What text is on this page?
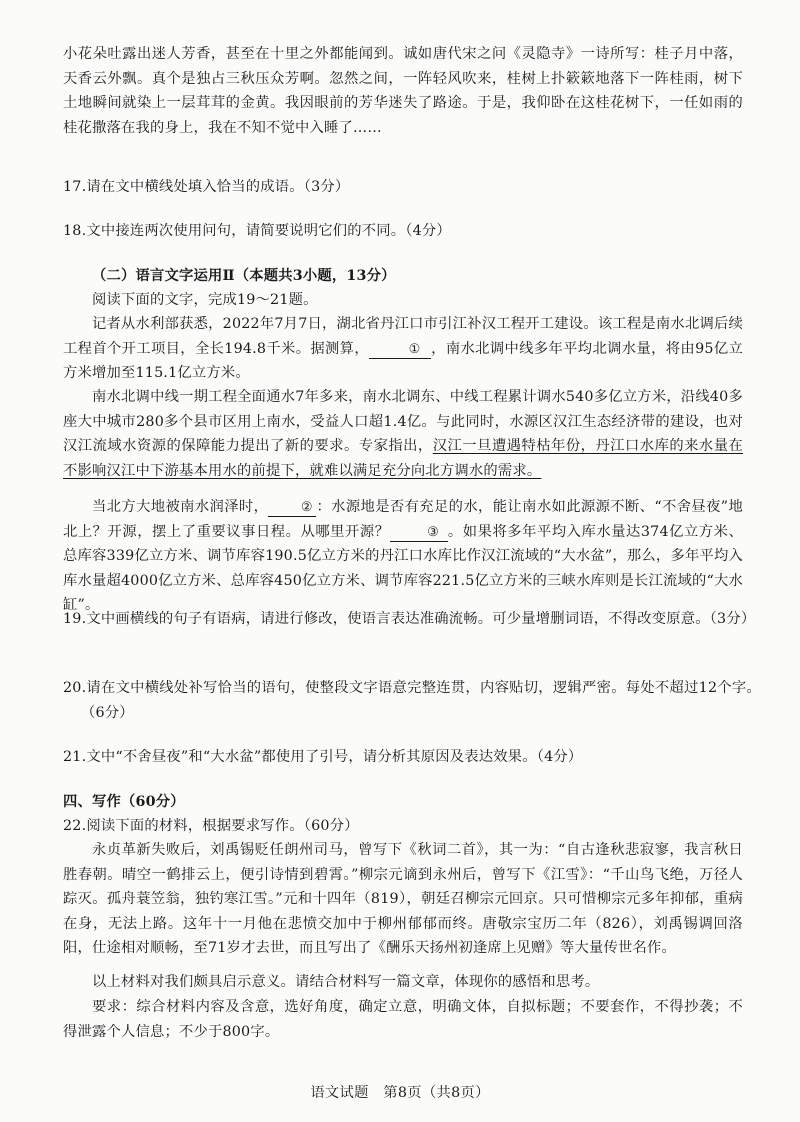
小花朵吐露出迷人芳香，甚至在十里之外都能闻到。诚如唐代宋之问《灵隐寺》一诗所写：桂子月中落，天香云外飘。真个是独占三秋压众芳啊。忽然之间，一阵轻风吹来，桂树上扑簌簌地落下一阵桂雨，树下土地瞬间就染上一层茸茸的金黄。我因眼前的芳华迷失了路途。于是，我仰卧在这桂花树下，一任如雨的桂花撒落在我的身上，我在不知不觉中入睡了……
17.请在文中横线处填入恰当的成语。（3分）
18.文中接连两次使用问句，请简要说明它们的不同。（4分）
（二）语言文字运用Ⅱ（本题共3小题，13分）
阅读下面的文字，完成19～21题。
记者从水利部获悉，2022年7月7日，湖北省丹江口市引江补汉工程开工建设。该工程是南水北调后续工程首个开工项目，全长194.8千米。据测算，	① ，南水北调中线多年平均北调水量，将由95亿立方米增加至115.1亿立方米。
南水北调中线一期工程全面通水7年多来，南水北调东、中线工程累计调水540多亿立方米，沿线40多座大中城市280多个县市区用上南水，受益人口超1.4亿。与此同时，水源区汉江生态经济带的建设，也对汉江流域水资源的保障能力提出了新的要求。专家指出，汉江一旦遭遇特枯年份，丹江口水库的来水量在不影响汉江中下游基本用水的前提下，就难以满足充分向北方调水的需求。
当北方大地被南水润泽时，	② ：水源地是否有充足的水，能让南水如此源源不断、“不舍昼夜”地北上？开源，摆上了重要议事日程。从哪里开源？	③ 。如果将多年平均入库水量达374亿立方米、总库容339亿立方米、调节库容190.5亿立方米的丹江口水库比作汉江流域的“大水盆”，那么，多年平均入库水量超4000亿立方米、总库容450亿立方米、调节库容221.5亿立方米的三峡水库则是长江流域的“大水缸”。
19.文中画横线的句子有语病，请进行修改，使语言表达准确流畅。可少量增删词语，不得改变原意。（3分）
20.请在文中横线处补写恰当的语句，使整段文字语意完整连贯，内容贴切，逻辑严密。每处不超过12个字。（6分）
21.文中“不舍昼夜”和“大水盆”都使用了引号，请分析其原因及表达效果。（4分）
四、写作（60分）
22.阅读下面的材料，根据要求写作。（60分）
永贞革新失败后，刘禹锡贬任朗州司马，曾写下《秋词二首》，其一为：“自古逢秋悲寂寥，我言秋日胜春朝。晴空一鹤排云上，便引诗情到碧霄。”柳宗元谪到永州后，曾写下《江雪》：“千山鸟飞绝，万径人踪灭。孤舟蓑笠翁，独钓寒江雪。”元和十四年（819），朝廷召柳宗元回京。只可惜柳宗元多年抑郁，重病在身，无法上路。这年十一月他在悲愤交加中于柳州郁郁而终。唐敬宗宝历二年（826），刘禹锡调回洛阳，仕途相对顺畅，至71岁才去世，而且写出了《酬乐天扬州初逢席上见赠》等大量传世名作。
以上材料对我们颇具启示意义。请结合材料写一篇文章，体现你的感悟和思考。
要求：综合材料内容及含意，选好角度，确定立意，明确文体，自拟标题；不要套作，不得抄袭；不得泄露个人信息；不少于800字。
语文试题　第8页（共8页）
